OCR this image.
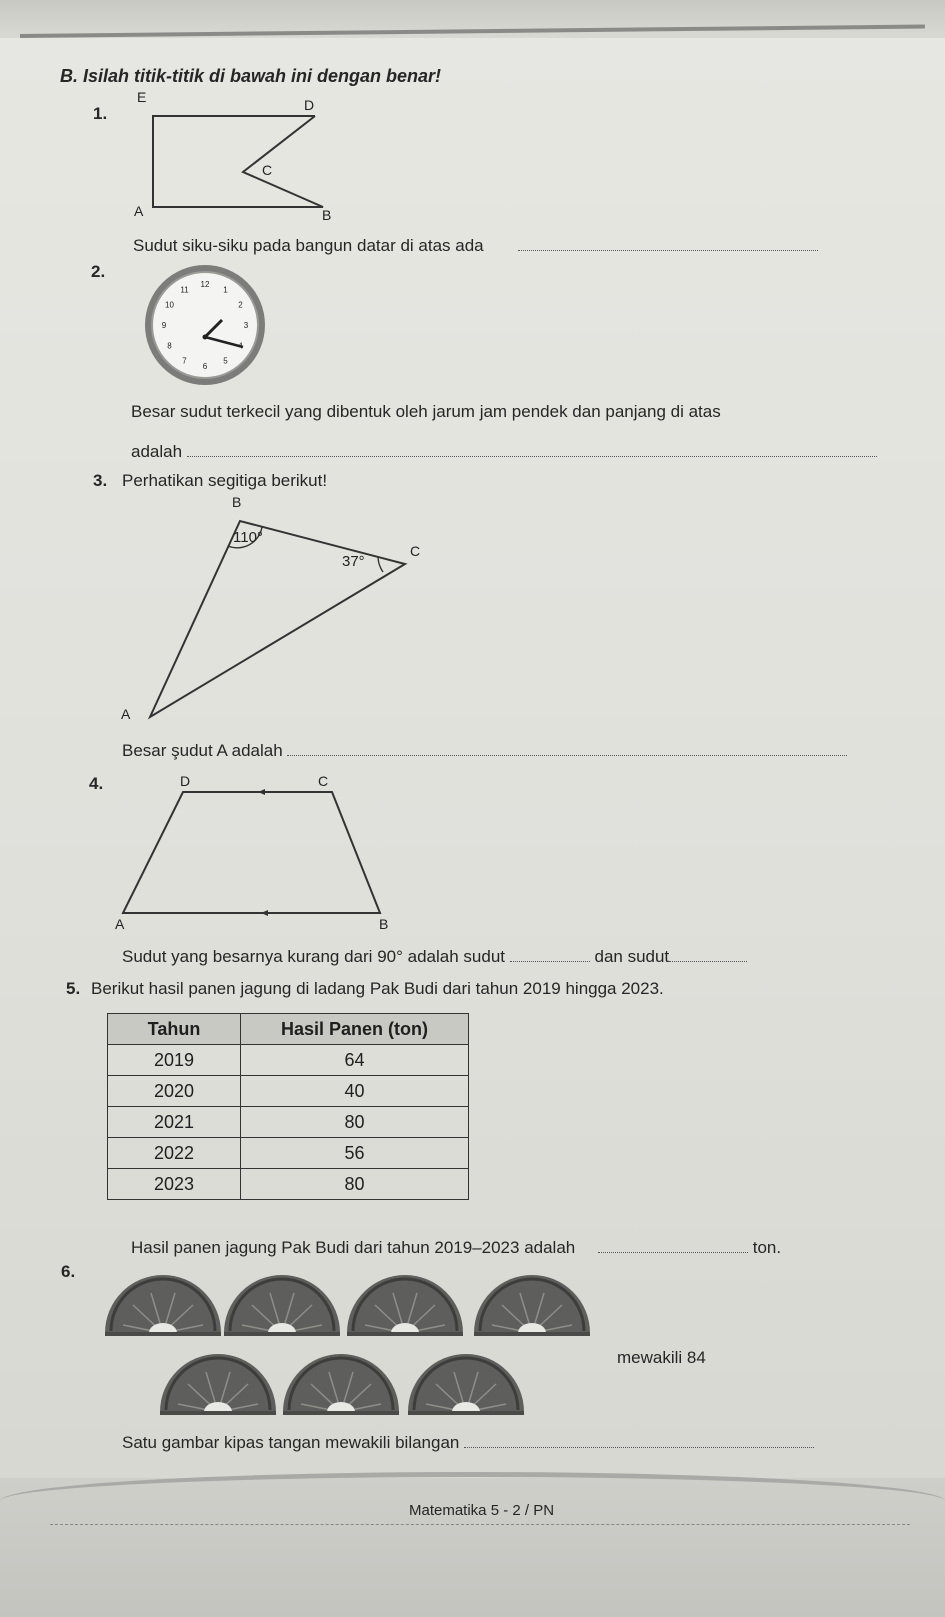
B. Isilah titik-titik di bawah ini dengan benar!
1.
E	D
C
A	B
Sudut siku-siku pada bangun datar di atas ada
2.
12
1
2
3
5
6
7
8
9
10
11
Besar sudut terkecil yang dibentuk oleh jarum jam pendek dan panjang di atas
adalah
3. Perhatikan segitiga berikut!
B
C
A
110°
37°
Besar şudut A adalah
4.	D	C
A	B
Sudut yang besarnya kurang dari 90° adalah sudut	dan sudut
5. Berikut hasil panen jagung di ladang Pak Budi dari tahun 2019 hingga 2023.
Tahun	Hasil Panen (ton)
2019	64
2020	40
2021	80
2022	56
2023	80
Hasil panen jagung Pak Budi dari tahun 2019–2023 adalah	ton.
6.
mewakili 84
Satu gambar kipas tangan mewakili bilangan
Matematika 5 - 2 / PN
